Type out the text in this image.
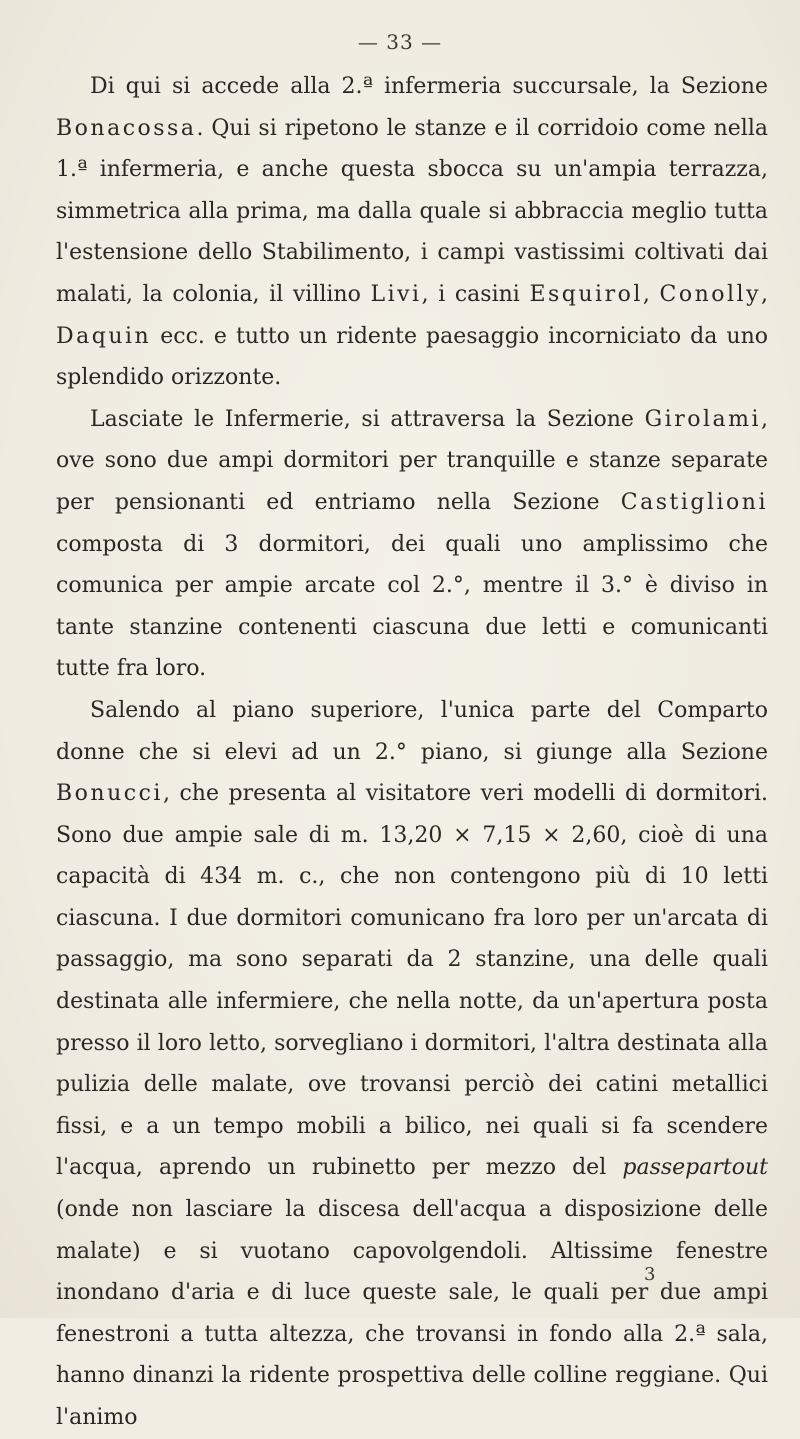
— 33 —

Di qui si accede alla 2.ª infermeria succursale, la Sezione Bonacossa. Qui si ripetono le stanze e il corridoio come nella 1.ª infermeria, e anche questa sbocca su un'ampia terrazza, simmetrica alla prima, ma dalla quale si abbraccia meglio tutta l'estensione dello Stabilimento, i campi vastissimi coltivati dai malati, la colonia, il villino Livi, i casini Esquirol, Conolly, Daquin ecc. e tutto un ridente paesaggio incorniciato da uno splendido orizzonte.

Lasciate le Infermerie, si attraversa la Sezione Girolami, ove sono due ampi dormitori per tranquille e stanze separate per pensionanti ed entriamo nella Sezione Castiglioni composta di 3 dormitori, dei quali uno amplissimo che comunica per ampie arcate col 2.°, mentre il 3.° è diviso in tante stanzine contenenti ciascuna due letti e comunicanti tutte fra loro.

Salendo al piano superiore, l'unica parte del Comparto donne che si elevi ad un 2.° piano, si giunge alla Sezione Bonucci, che presenta al visitatore veri modelli di dormitori. Sono due ampie sale di m. 13,20 × 7,15 × 2,60, cioè di una capacità di 434 m. c., che non contengono più di 10 letti ciascuna. I due dormitori comunicano fra loro per un'arcata di passaggio, ma sono separati da 2 stanzine, una delle quali destinata alle infermiere, che nella notte, da un'apertura posta presso il loro letto, sorvegliano i dormitori, l'altra destinata alla pulizia delle malate, ove trovansi perciò dei catini metallici fissi, e a un tempo mobili a bilico, nei quali si fa scendere l'acqua, aprendo un rubinetto per mezzo del passepartout (onde non lasciare la discesa dell'acqua a disposizione delle malate) e si vuotano capovolgendoli. Altissime fenestre inondano d'aria e di luce queste sale, le quali per due ampi fenestroni a tutta altezza, che trovansi in fondo alla 2.ª sala, hanno dinanzi la ridente prospettiva delle colline reggiane. Qui l'animo

3
